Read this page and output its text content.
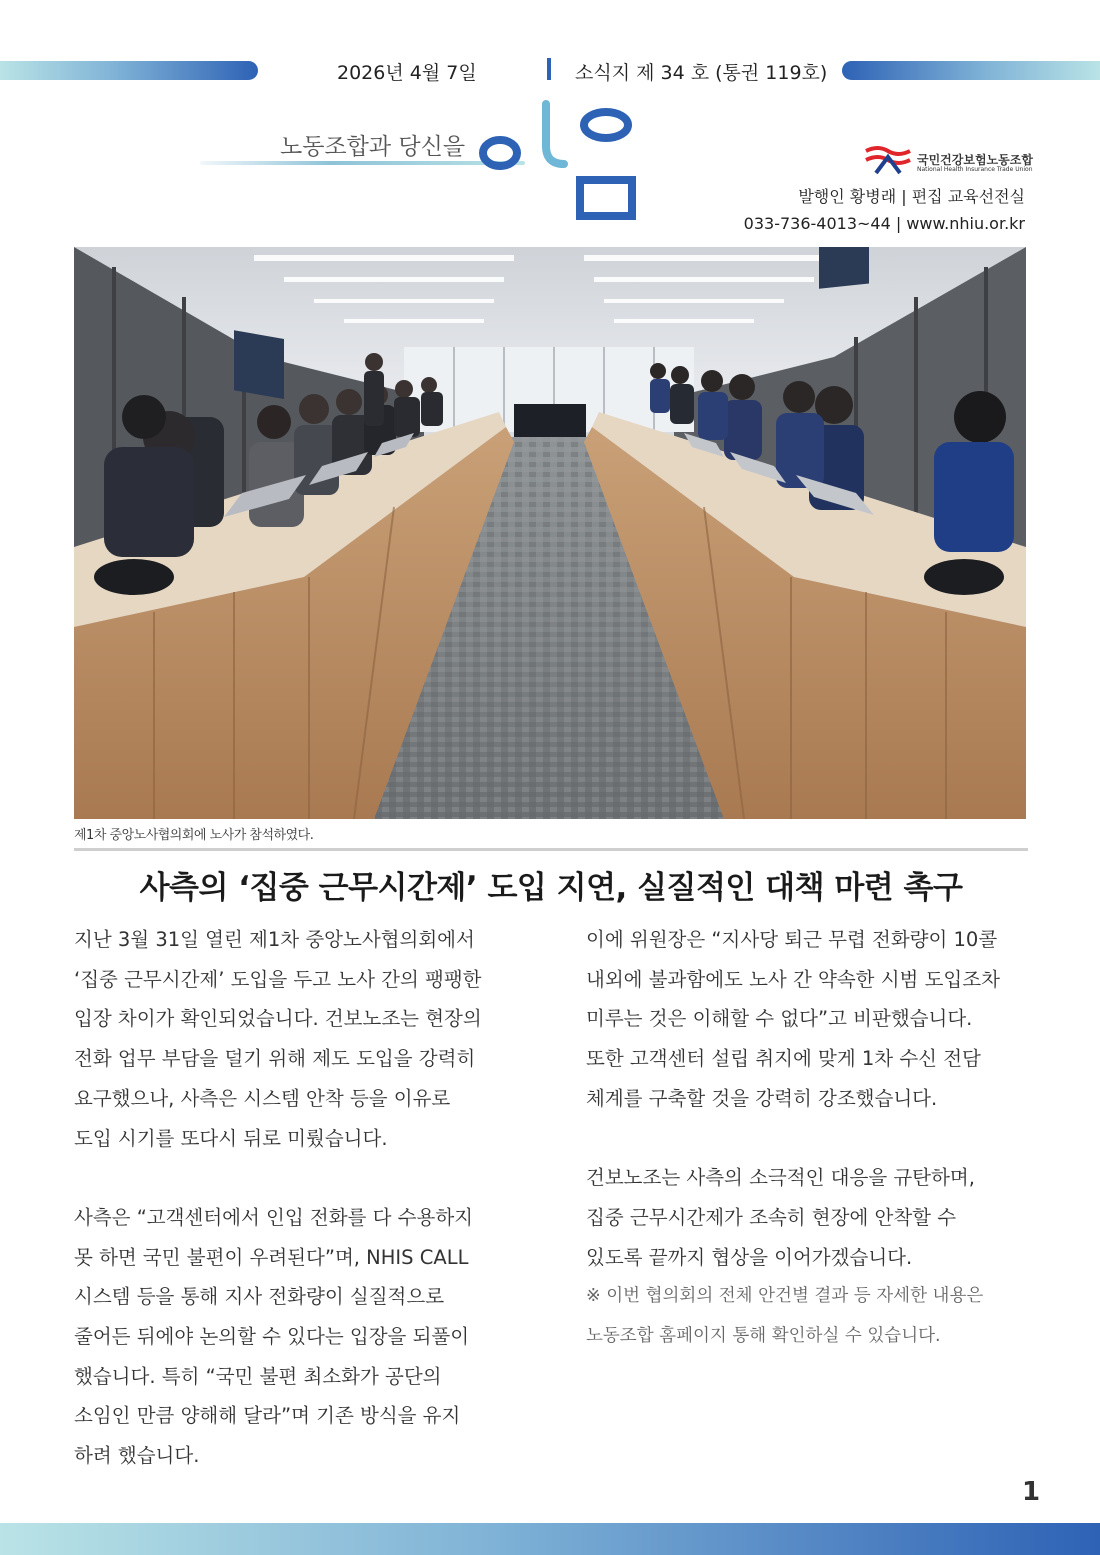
2026년 4월 7일	소식지 제 34 호 (통권 119호)
노동조합과 당신을	국민건강보험노동조합
National Health Insurance Trade Union
발행인 황병래 | 편집 교육선전실
033-736-4013~44 | www.nhiu.or.kr
제1차 중앙노사협의회에 노사가 참석하였다.
사측의 ‘집중 근무시간제’ 도입 지연, 실질적인 대책 마련 촉구

지난 3월 31일 열린 제1차 중앙노사협의회에서

‘집중 근무시간제’ 도입을 두고 노사 간의 팽팽한

입장 차이가 확인되었습니다. 건보노조는 현장의

전화 업무 부담을 덜기 위해 제도 도입을 강력히

요구했으나, 사측은 시스템 안착 등을 이유로

도입 시기를 또다시 뒤로 미뤘습니다.

사측은 “고객센터에서 인입 전화를 다 수용하지

못 하면 국민 불편이 우려된다”며, NHIS CALL

시스템 등을 통해 지사 전화량이 실질적으로

줄어든 뒤에야 논의할 수 있다는 입장을 되풀이

했습니다. 특히 “국민 불편 최소화가 공단의

소임인 만큼 양해해 달라”며 기존 방식을 유지

하려 했습니다.

이에 위원장은 “지사당 퇴근 무렵 전화량이 10콜

내외에 불과함에도 노사 간 약속한 시범 도입조차

미루는 것은 이해할 수 없다”고 비판했습니다.

또한 고객센터 설립 취지에 맞게 1차 수신 전담

체계를 구축할 것을 강력히 강조했습니다.

건보노조는 사측의 소극적인 대응을 규탄하며,

집중 근무시간제가 조속히 현장에 안착할 수

있도록 끝까지 협상을 이어가겠습니다.

※ 이번 협의회의 전체 안건별 결과 등 자세한 내용은

노동조합 홈페이지 통해 확인하실 수 있습니다.

1
